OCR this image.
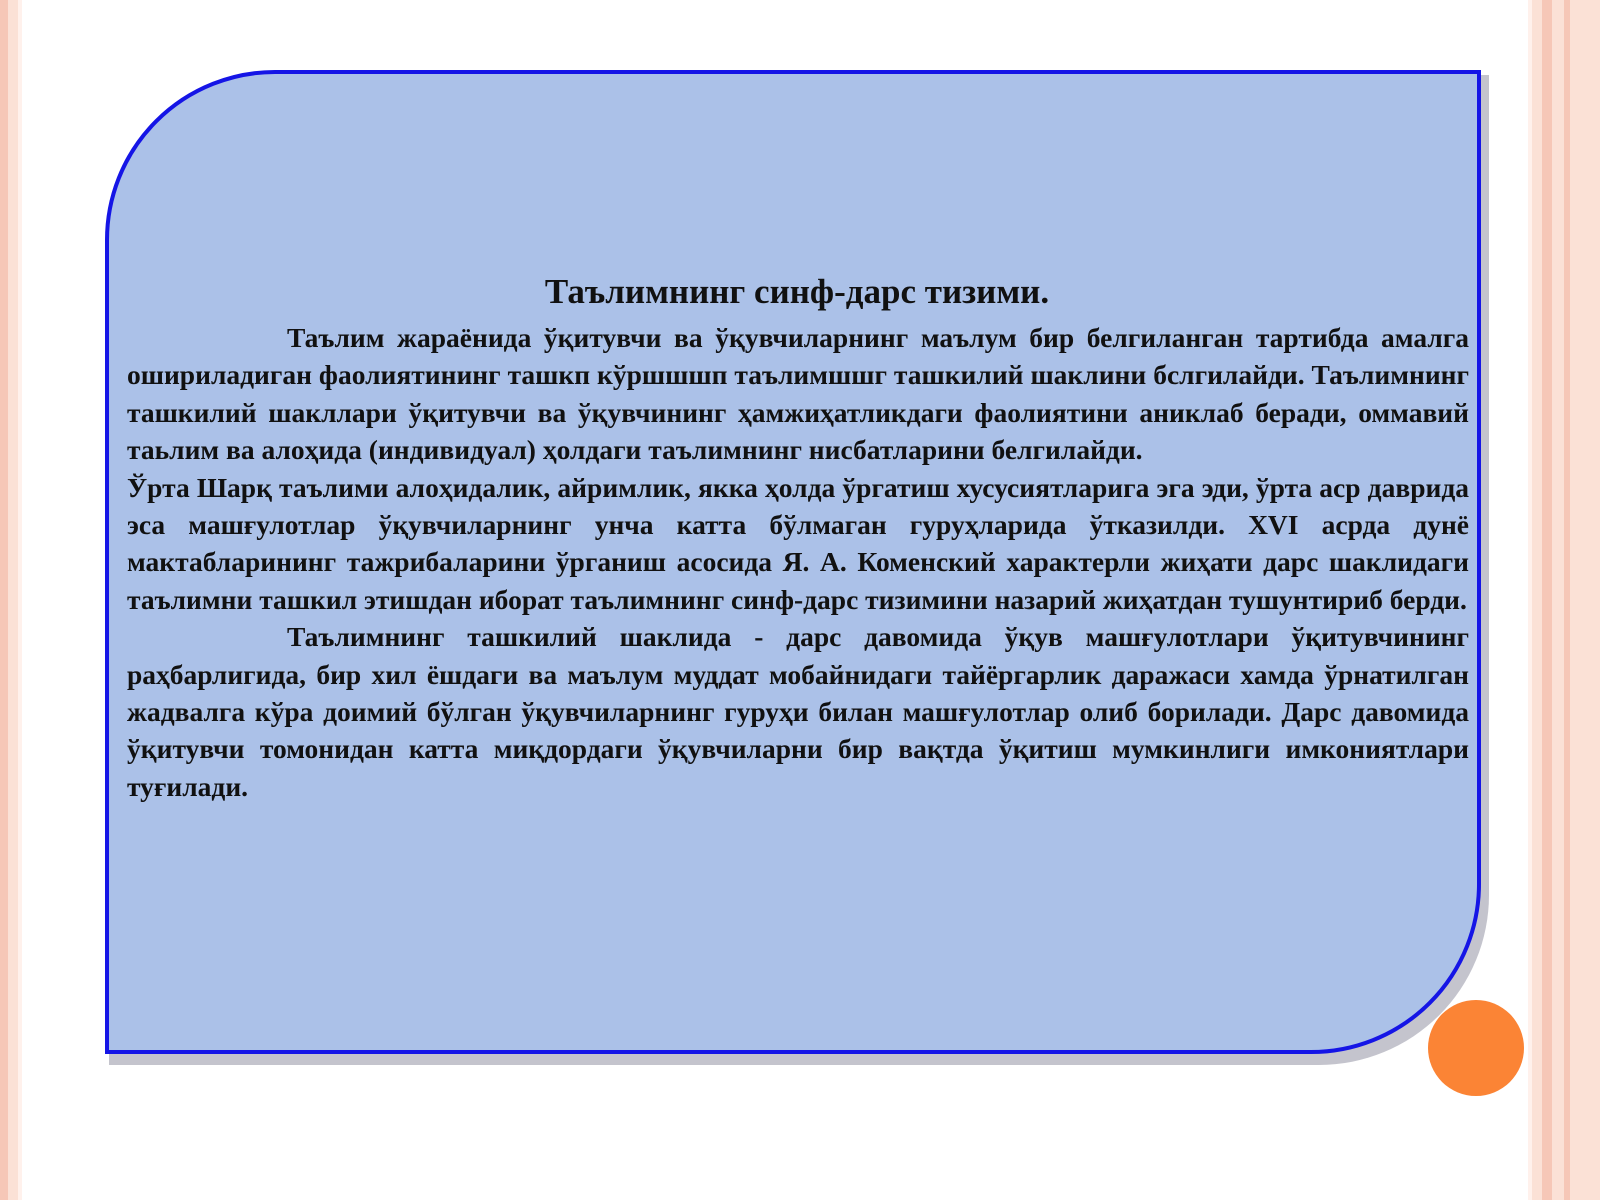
Таълимнинг синф-дарс тизими.

Таълим жараёнида ўқитувчи ва ўқувчиларнинг маълум бир белгиланган тартибда амалга ошириладиган фаолиятининг ташкп кўршшшп таълимшшг ташкилий шаклини бслгилайди. Таълимнинг ташкилий шакллари ўқитувчи ва ўқувчининг ҳамжиҳатликдаги фаолиятини аниклаб беради, оммавий таьлим ва алоҳида (индивидуал) ҳолдаги таълимнинг нисбатларини белгилайди.

Ўрта Шарқ таълими алоҳидалик, айримлик, якка ҳолда ўргатиш хусусиятларига эга эди, ўрта аср даврида эса машғулотлар ўқувчиларнинг унча катта бўлмаган гуруҳларида ўтказилди. XVI асрда дунё мактабларининг тажрибаларини ўрганиш асосида Я. А. Коменский характерли жиҳати дарс шаклидаги таълимни ташкил этишдан иборат таълимнинг синф-дарс тизимини назарий жиҳатдан тушунтириб берди.

Таълимнинг ташкилий шаклида - дарс давомида ўқув машғулотлари ўқитувчининг раҳбарлигида, бир хил ёшдаги ва маълум муддат мобайнидаги тайёргарлик даражаси хамда ўрнатилган жадвалга кўра доимий бўлган ўқувчиларнинг гуруҳи билан машғулотлар олиб борилади. Дарс давомида ўқитувчи томонидан катта миқдордаги ўқувчиларни бир вақтда ўқитиш мумкинлиги имкониятлари туғилади.
